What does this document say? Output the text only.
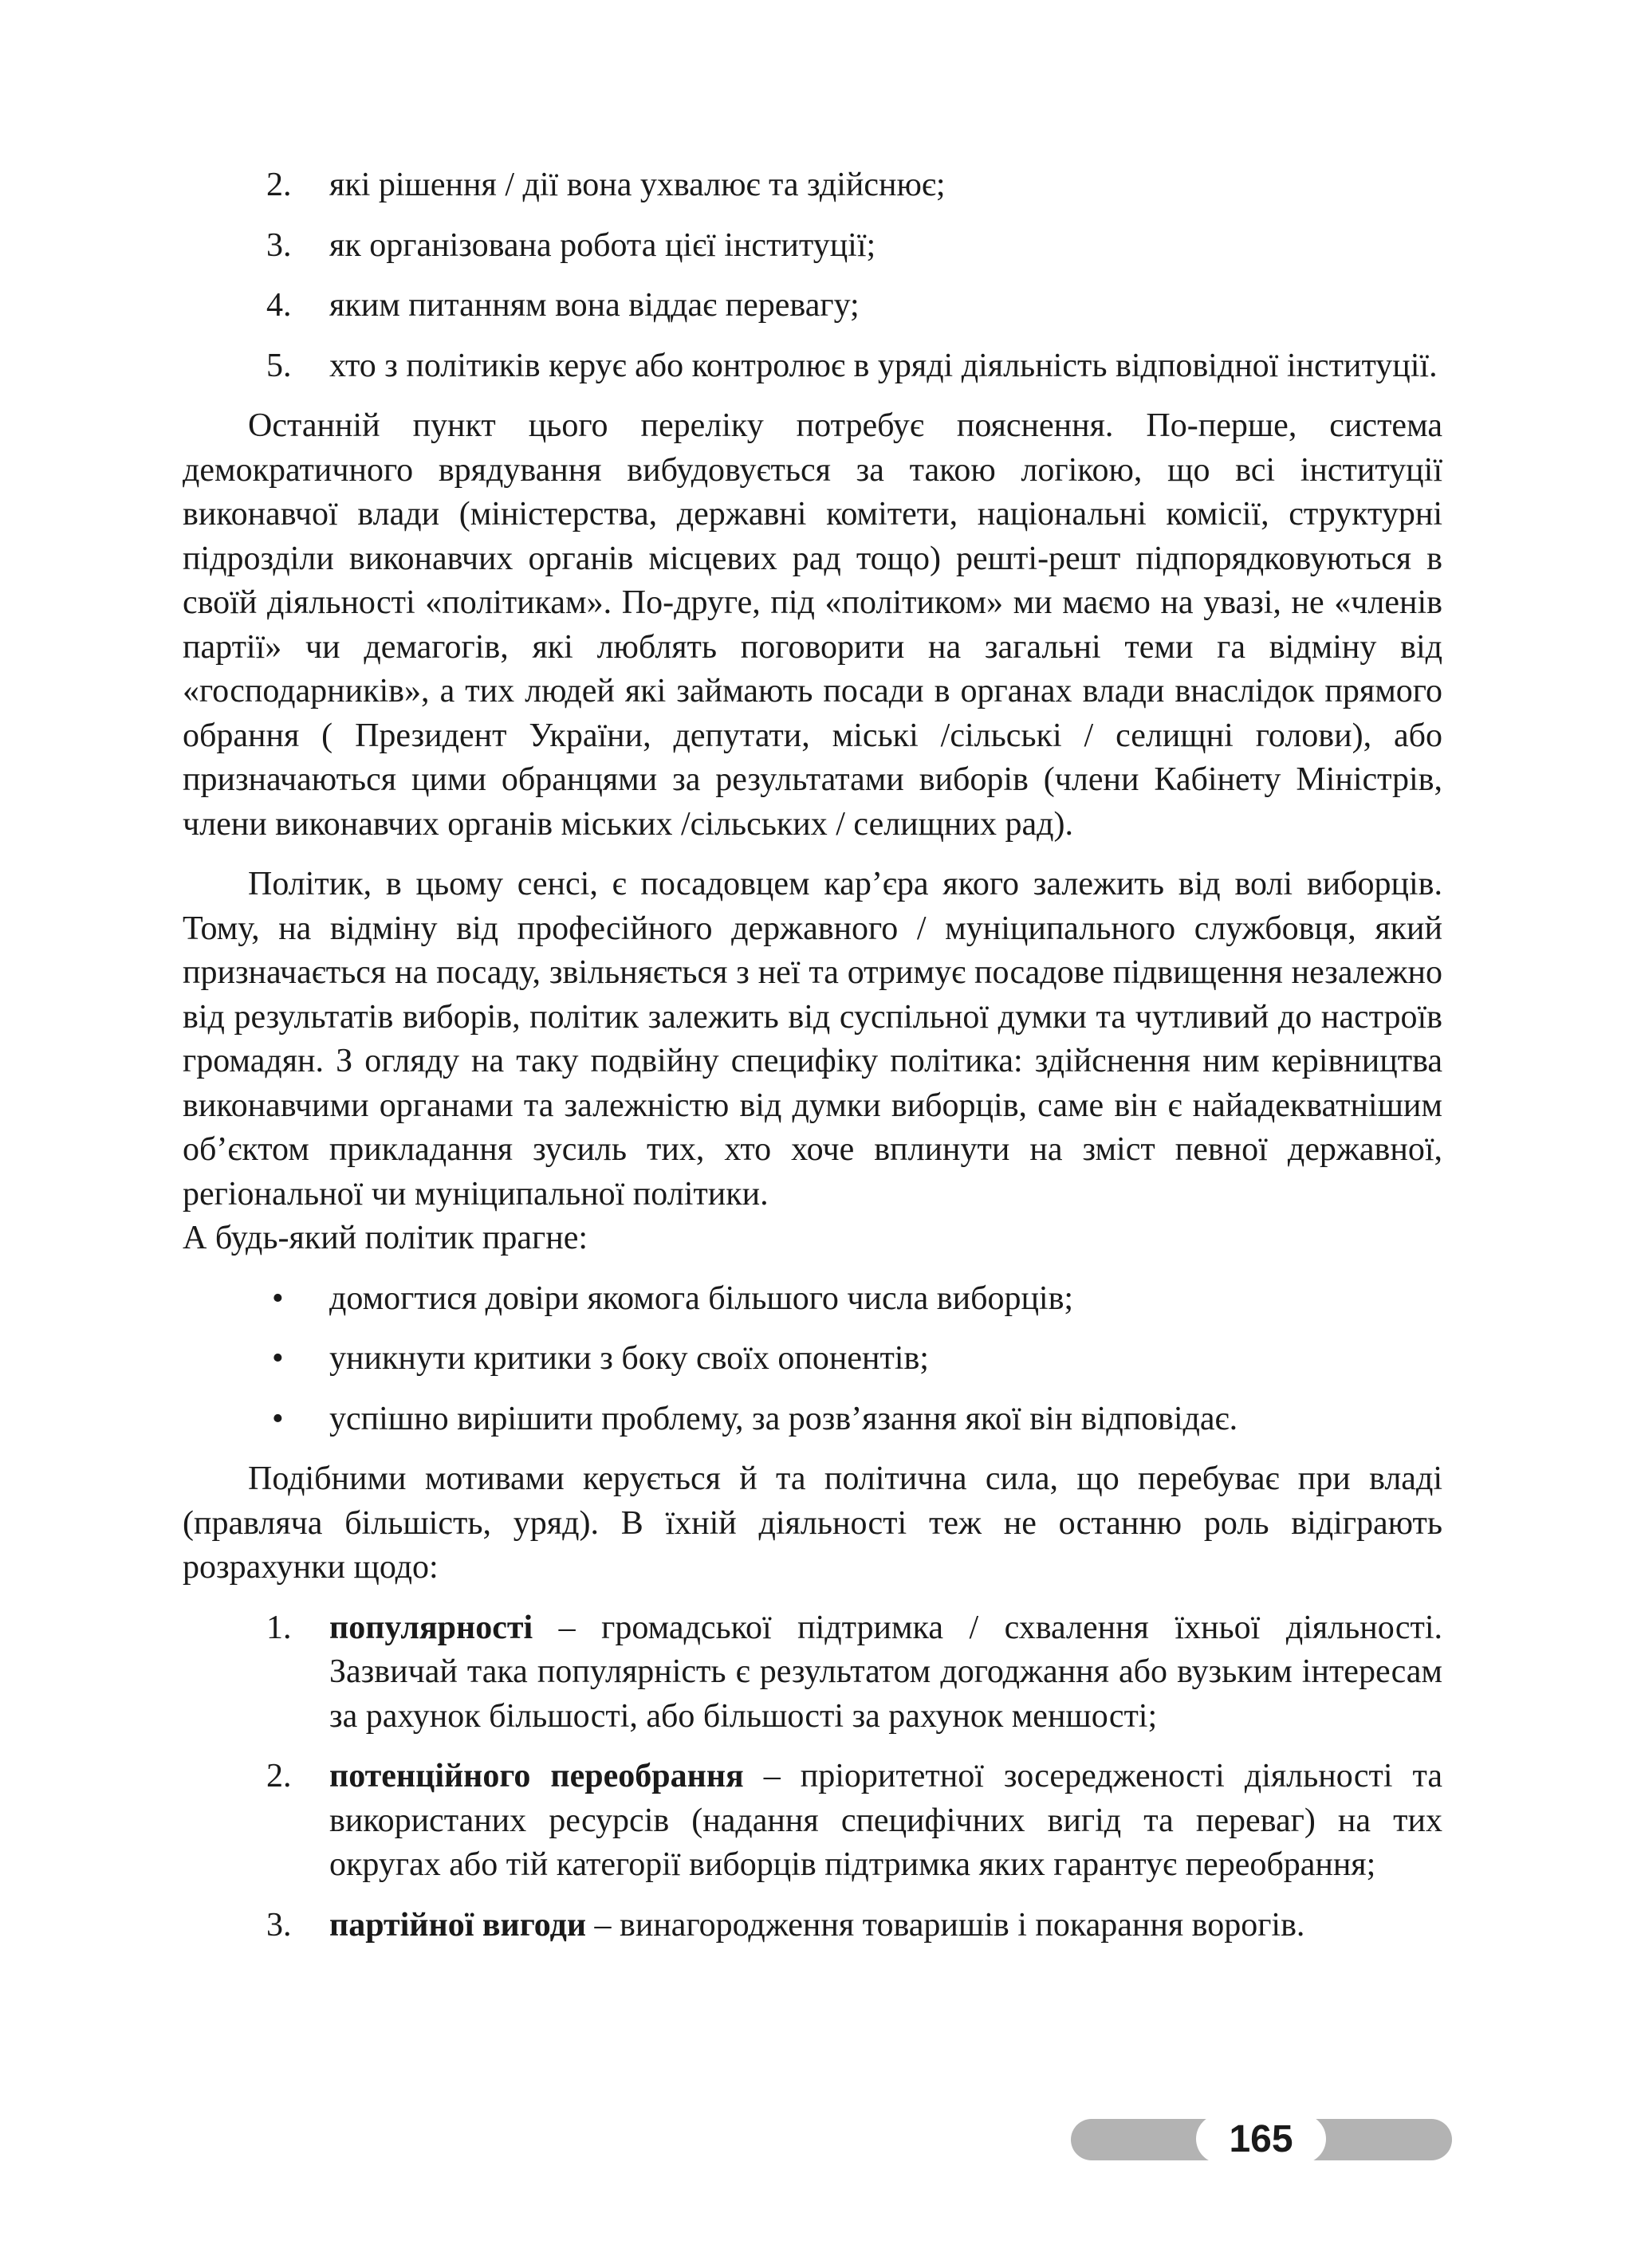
2. які рішення / дії вона ухвалює та здійснює;
3. як організована робота цієї інституції;
4. яким питанням вона віддає перевагу;
5. хто з політиків керує або контролює в уряді діяльність відповідної інституції.

Останній пункт цього переліку потребує пояснення. По-перше, система демократичного врядування вибудовується за такою логікою, що всі інституції виконавчої влади (міністерства, державні комітети, національні комісії, структурні підрозділи виконавчих органів місцевих рад тощо) решті-решт підпорядковуються в своїй діяльності «політикам». По-друге, під «політиком» ми маємо на увазі, не «членів партії» чи демагогів, які люблять поговорити на загальні теми га відміну від «господарників», а тих людей які займають посади в органах влади внаслідок прямого обрання ( Президент України, депутати, міські /сільські / селищні голови), або призначаються цими обранцями за результатами виборів (члени Кабінету Міністрів, члени виконавчих органів міських /сільських / селищних рад).

Політик, в цьому сенсі, є посадовцем кар’єра якого залежить від волі виборців. Тому, на відміну від професійного державного / муніципального службовця, який призначається на посаду, звільняється з неї та отримує посадове підвищення незалежно від результатів виборів, політик залежить від суспільної думки та чутливий до настроїв громадян. З огляду на таку подвійну специфіку політика: здійснення ним керівництва виконавчими органами та залежністю від думки виборців, саме він є найадекватнішим об’єктом прикладання зусиль тих, хто хоче вплинути на зміст певної державної, регіональної чи муніципальної політики.
А будь-який політик прагне:

• домогтися довіри якомога більшого числа виборців;
• уникнути критики з боку своїх опонентів;
• успішно вирішити проблему, за розв’язання якої він відповідає.

Подібними мотивами керується й та політична сила, що перебуває при владі (правляча більшість, уряд). В їхній діяльності теж не останню роль відіграють розрахунки щодо:

1. популярності – громадської підтримка / схвалення їхньої діяльності. Зазвичай така популярність є результатом догоджання або вузьким інтересам за рахунок більшості, або більшості за рахунок меншості;
2. потенційного переобрання – пріоритетної зосередженості діяльності та використаних ресурсів (надання специфічних вигід та переваг) на тих округах або тій категорії виборців підтримка яких гарантує переобрання;
3. партійної вигоди – винагородження товаришів і покарання ворогів.
165
